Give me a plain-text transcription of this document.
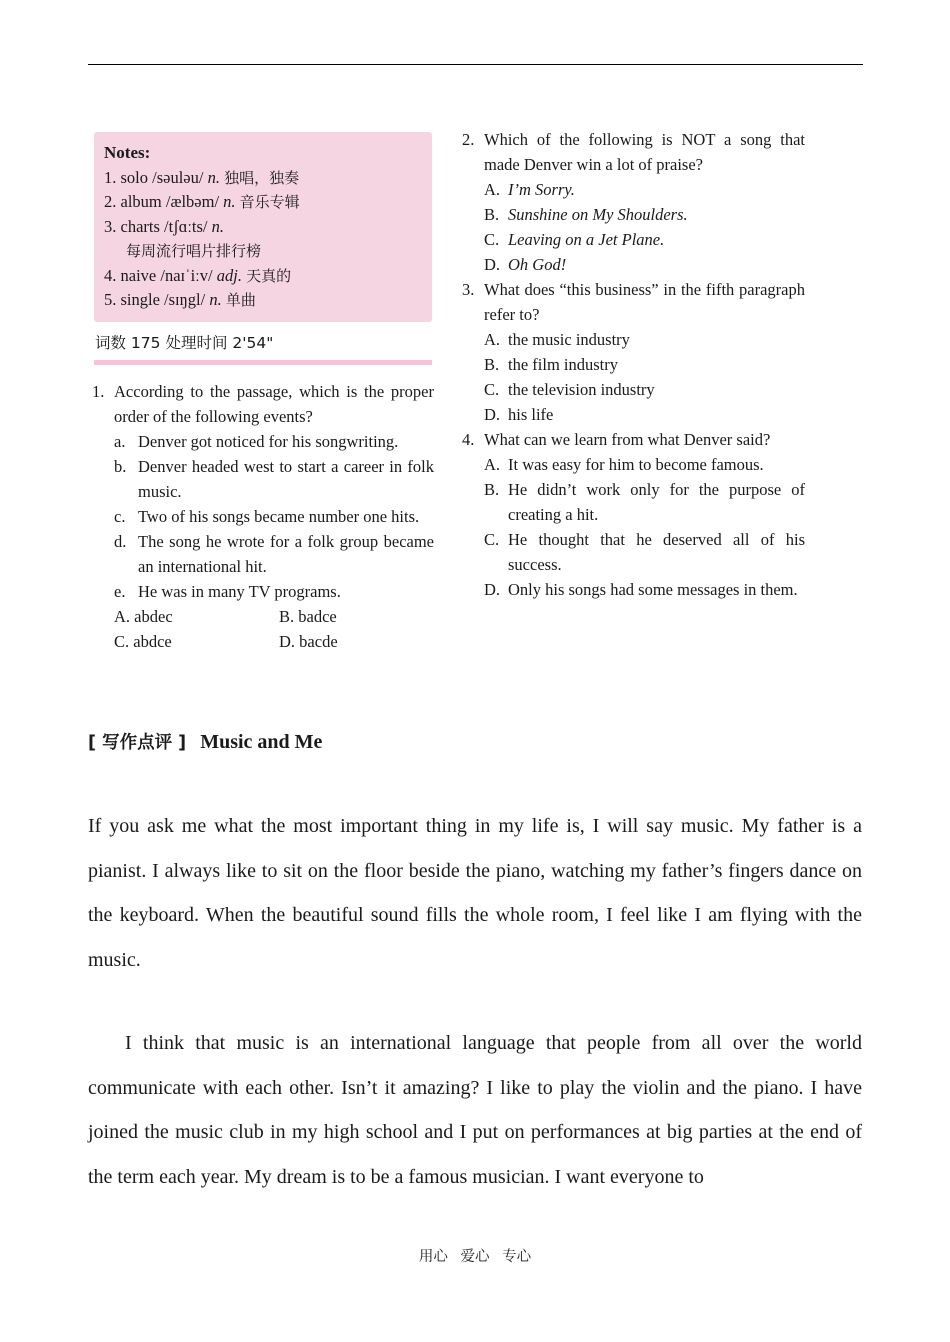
Notes:
1. solo /səuləu/ n. 独唱，独奏
2. album /ælbəm/ n. 音乐专辑
3. charts /tʃɑːts/ n.
每周流行唱片排行榜
4. naive /naɪˈiːv/ adj. 天真的
5. single /sɪŋgl/ n. 单曲
词数 175 处理时间 2'54"
1. According to the passage, which is the proper order of the following events?
a. Denver got noticed for his songwriting.
b. Denver headed west to start a career in folk music.
c. Two of his songs became number one hits.
d. The song he wrote for a folk group became an international hit.
e. He was in many TV programs.
A. abdec	B. badce
C. abdce	D. bacde
2. Which of the following is NOT a song that made Denver win a lot of praise?
A. I’m Sorry.
B. Sunshine on My Shoulders.
C. Leaving on a Jet Plane.
D. Oh God!
3. What does “this business” in the fifth paragraph refer to?
A. the music industry
B. the film industry
C. the television industry
D. his life
4. What can we learn from what Denver said?
A. It was easy for him to become famous.
B. He didn’t work only for the purpose of creating a hit.
C. He thought that he deserved all of his success.
D. Only his songs had some messages in them.
[ 写作点评 ] Music and Me

If you ask me what the most important thing in my life is, I will say music. My father is a pianist. I always like to sit on the floor beside the piano, watching my father’s fingers dance on the keyboard. When the beautiful sound fills the whole room, I feel like I am flying with the music.

I think that music is an international language that people from all over the world communicate with each other. Isn’t it amazing? I like to play the violin and the piano. I have joined the music club in my high school and I put on performances at big parties at the end of the term each year. My dream is to be a famous musician. I want everyone to

用心 爱心 专心
